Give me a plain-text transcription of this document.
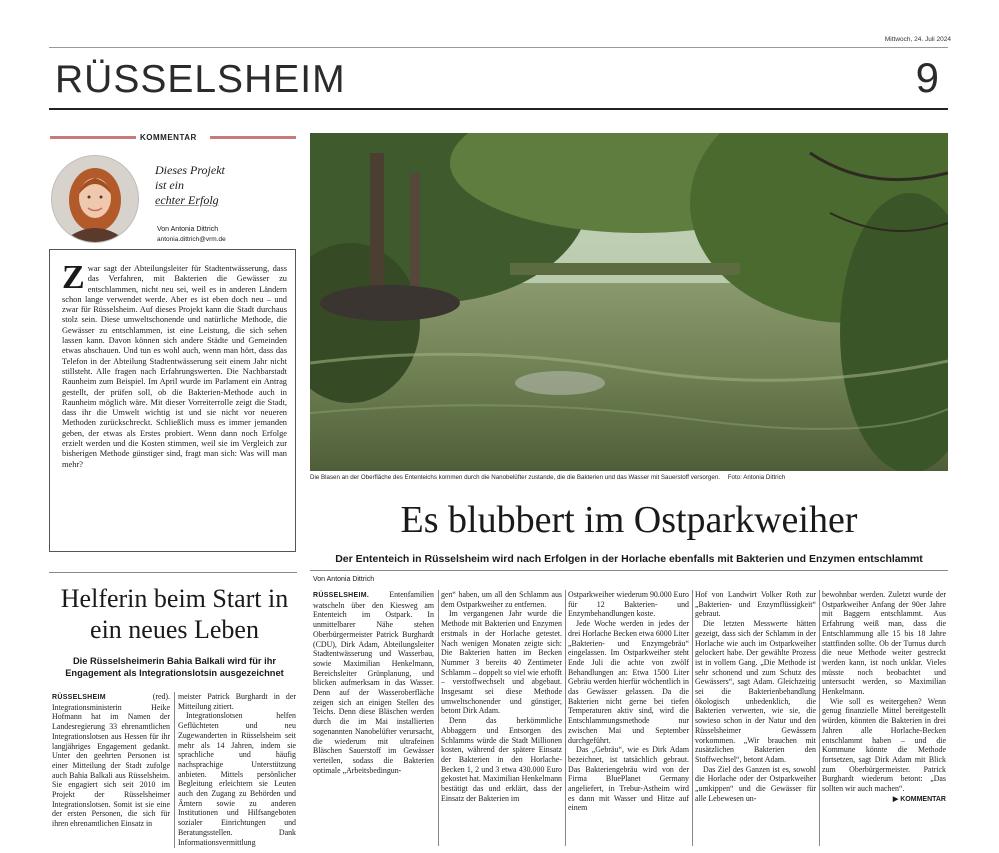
Mittwoch, 24. Juli 2024
RÜSSELSHEIM	9
KOMMENTAR
Dieses Projekt
ist ein
echter Erfolg
Von Antonia Dittrich
antonia.dittrich@vrm.de
Zwar sagt der Abteilungsleiter für Stadtentwässerung, dass das Verfahren, mit Bakterien die Gewässer zu entschlammen, nicht neu sei, weil es in anderen Ländern schon lange verwendet werde. Aber es ist eben doch neu – und zwar für Rüsselsheim. Auf dieses Projekt kann die Stadt durchaus stolz sein. Diese umweltschonende und natürliche Methode, die Gewässer zu entschlammen, ist eine Leistung, die sich sehen lassen kann. Davon können sich andere Städte und Gemeinden etwas abschauen. Und tun es wohl auch, wenn man hört, dass das Telefon in der Abteilung Stadtentwässerung seit einem Jahr nicht stillsteht. Alle fragen nach Erfahrungswerten. Die Nachbarstadt Raunheim zum Beispiel. Im April wurde im Parlament ein Antrag gestellt, der prüfen soll, ob die Bakterien-Methode auch in Raunheim möglich wäre. Mit dieser Vorreiterrolle zeigt die Stadt, dass ihr die Umwelt wichtig ist und sie nicht vor neueren Methoden zurückschreckt. Schließlich muss es immer jemanden geben, der etwas als Erstes probiert. Wenn dann noch Erfolge erzielt werden und die Kosten stimmen, weil sie im Vergleich zur bisherigen Methode günstiger sind, fragt man sich: Was will man mehr?
Die Blasen an der Oberfläche des Ententeichs kommen durch die Nanobelüfter zustande, die die Bakterien und das Wasser mit Sauerstoff versorgen. Foto: Antonia Dittrich
Es blubbert im Ostparkweiher
Der Ententeich in Rüsselsheim wird nach Erfolgen in der Horlache ebenfalls mit Bakterien und Enzymen entschlammt
Von Antonia Dittrich

RÜSSELSHEIM.	Entenfamilien watscheln über den Kiesweg am Ententeich im Ostpark. In unmittelbarer Nähe stehen Oberbürgermeister Patrick Burghardt (CDU), Dirk Adam, Abteilungsleiter Stadtentwässerung und Wasserbau, sowie Maximilian Henkelmann, Bereichsleiter Grünplanung, und blicken aufmerksam in das Wasser. Denn auf der Wasseroberfläche zeigen sich an einigen Stellen des Teichs. Denn diese Bläschen werden durch die im Mai installierten sogenannten Nanobelüfter verursacht, die wiederum mit ultrafeinen Bläschen Sauerstoff im Gewässer verteilen, sodass die Bakterien optimale „Arbeitsbedingun-

gen“ haben, um all den Schlamm aus dem Ostparkweiher zu entfernen.

Im vergangenen Jahr wurde die Methode mit Bakterien und Enzymen erstmals in der Horlache getestet. Nach wenigen Monaten zeigte sich: Die Bakterien hatten im Becken Nummer 3 bereits 40 Zentimeter Schlamm – doppelt so viel wie erhofft – verstoffwechselt und abgebaut. Insgesamt sei diese Methode umweltschonender und günstiger, betont Dirk Adam.

Denn das herkömmliche Abbaggern und Entsorgen des Schlamms würde die Stadt Millionen kosten, während der spätere Einsatz der Bakterien in den Horlache-Becken 1, 2 und 3 etwa 430.000 Euro gekostet hat. Maximilian Henkelmann bestätigt das und erklärt, dass der Einsatz der Bakterien im

Ostparkweiher wiederum 90.000 Euro für 12 Bakterien- und Enzymbehandlungen koste.

Jede Woche werden in jedes der drei Horlache Becken etwa 6000 Liter „Bakterien- und Enzymgebräu“ eingelassen. Im Ostparkweiher steht Ende Juli die achte von zwölf Behandlungen an: Etwa 1500 Liter Gebräu werden hierfür wöchentlich in das Gewässer gelassen. Da die Bakterien nicht gerne bei tiefen Temperaturen aktiv sind, wird die Entschlammungsmethode nur zwischen Mai und September durchgeführt.

Das „Gebräu“, wie es Dirk Adam bezeichnet, ist tatsächlich gebraut. Das Bakteriengebräu wird von der Firma BluePlanet Germany angeliefert, in Trebur-Astheim wird es dann mit Wasser und Hitze auf einem

Hof von Landwirt Volker Roth zur „Bakterien- und Enzymflüssigkeit“ gebraut.

Die letzten Messwerte hätten gezeigt, dass sich der Schlamm in der Horlache wie auch im Ostparkweiher gelockert habe. Der gewählte Prozess ist in vollem Gang. „Die Methode ist sehr schonend und zum Schutz des Gewässers“, sagt Adam. Gleichzeitig sei die Bakterienbehandlung ökologisch unbedenklich, die Bakterien verwerten, wie sie, die sowieso schon in der Natur und den Rüsselsheimer Gewässern vorkommen. „Wir brauchen mit zusätzlichen Bakterien den Stoffwechsel“, betont Adam.

Das Ziel des Ganzen ist es, sowohl die Horlache oder der Ostparkweiher „umkippen“ und die Gewässer für alle Lebewesen un-

bewohnbar werden. Zuletzt wurde der Ostparkweiher Anfang der 90er Jahre mit Baggern entschlammt. Aus Erfahrung weiß man, dass die Entschlammung alle 15 bis 18 Jahre stattfinden sollte. Ob der Turnus durch die neue Methode weiter gestreckt werden kann, ist noch unklar. Vieles müsste noch beobachtet und untersucht werden, so Maximilian Henkelmann.

Wie soll es weitergehen? Wenn genug finanzielle Mittel bereitgestellt würden, könnten die Bakterien in drei Jahren alle Horlache-Becken entschlammt haben – und die Kommune könnte die Methode fortsetzen, sagt Dirk Adam mit Blick zum Oberbürgermeister. Patrick Burghardt wiederum betont: „Das sollten wir auch machen“.

▶ KOMMENTAR

Helferin beim Start in ein neues Leben
Die Rüsselsheimerin Bahia Balkali wird für ihr Engagement als Integrationslotsin ausgezeichnet

RÜSSELSHEIM	(red). Integrationsministerin Heike Hofmann hat im Namen der Landesregierung 33 ehrenamtlichen Integrationslotsen aus Hessen für ihr langjähriges Engagement gedankt. Unter den geehrten Personen ist einer Mitteilung der Stadt zufolge auch Bahia Balkali aus Rüsselsheim. Sie engagiert sich seit 2010 im Projekt der Rüsselsheimer Integrationslotsen. Somit ist sie eine der ersten Personen, die sich für ihren ehrenamtlichen Einsatz in

meister Patrick Burghardt in der Mitteilung zitiert.

Integrationslotsen helfen Geflüchteten und neu Zugewanderten in Rüsselsheim seit mehr als 14 Jahren, indem sie sprachliche und häufig nachsprachige Unterstützung anbieten. Mittels persönlicher Begleitung erleichtern sie Leuten auch den Zugang zu Behörden und Ämtern sowie zu anderen Institutionen und Hilfsangeboten sozialer Einrichtungen und Beratungsstellen. Dank Informationsvermittlung
